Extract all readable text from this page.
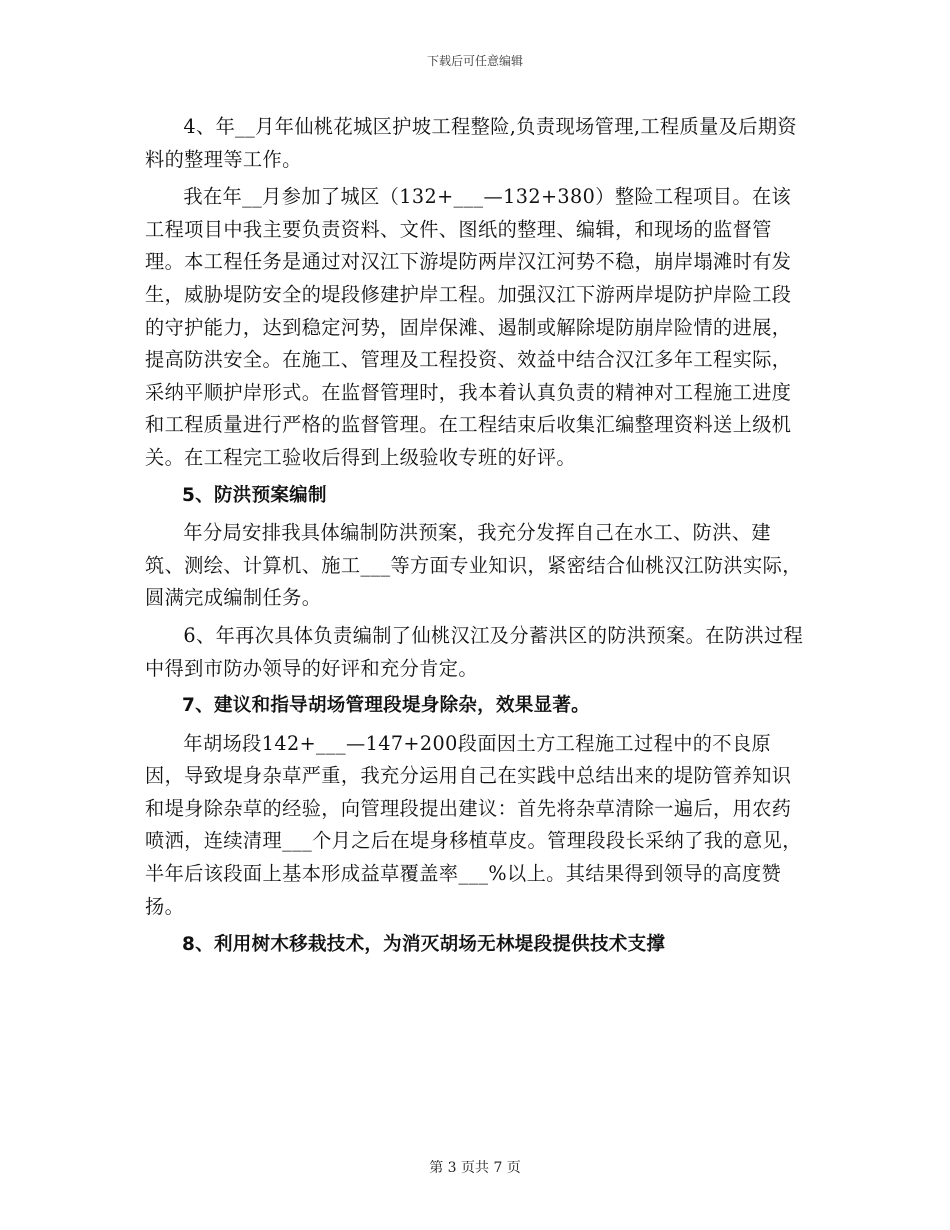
下载后可任意编辑

4、年__月年仙桃花城区护坡工程整险,负责现场管理,工程质量及后期资料的整理等工作。

我在年__月参加了城区（132+___—132+380）整险工程项目。在该工程项目中我主要负责资料、文件、图纸的整理、编辑，和现场的监督管理。本工程任务是通过对汉江下游堤防两岸汉江河势不稳，崩岸塌滩时有发生，威胁堤防安全的堤段修建护岸工程。加强汉江下游两岸堤防护岸险工段的守护能力，达到稳定河势，固岸保滩、遏制或解除堤防崩岸险情的进展，提高防洪安全。在施工、管理及工程投资、效益中结合汉江多年工程实际，采纳平顺护岸形式。在监督管理时，我本着认真负责的精神对工程施工进度和工程质量进行严格的监督管理。在工程结束后收集汇编整理资料送上级机关。在工程完工验收后得到上级验收专班的好评。

5、防洪预案编制

年分局安排我具体编制防洪预案，我充分发挥自己在水工、防洪、建筑、测绘、计算机、施工___等方面专业知识，紧密结合仙桃汉江防洪实际，圆满完成编制任务。

6、年再次具体负责编制了仙桃汉江及分蓄洪区的防洪预案。在防洪过程中得到市防办领导的好评和充分肯定。

7、建议和指导胡场管理段堤身除杂，效果显著。

年胡场段142+___—147+200段面因土方工程施工过程中的不良原因，导致堤身杂草严重，我充分运用自己在实践中总结出来的堤防管养知识和堤身除杂草的经验，向管理段提出建议：首先将杂草清除一遍后，用农药喷洒，连续清理___个月之后在堤身移植草皮。管理段段长采纳了我的意见，半年后该段面上基本形成益草覆盖率___%以上。其结果得到领导的高度赞扬。

8、利用树木移栽技术，为消灭胡场无林堤段提供技术支撑

第 3 页共 7 页
